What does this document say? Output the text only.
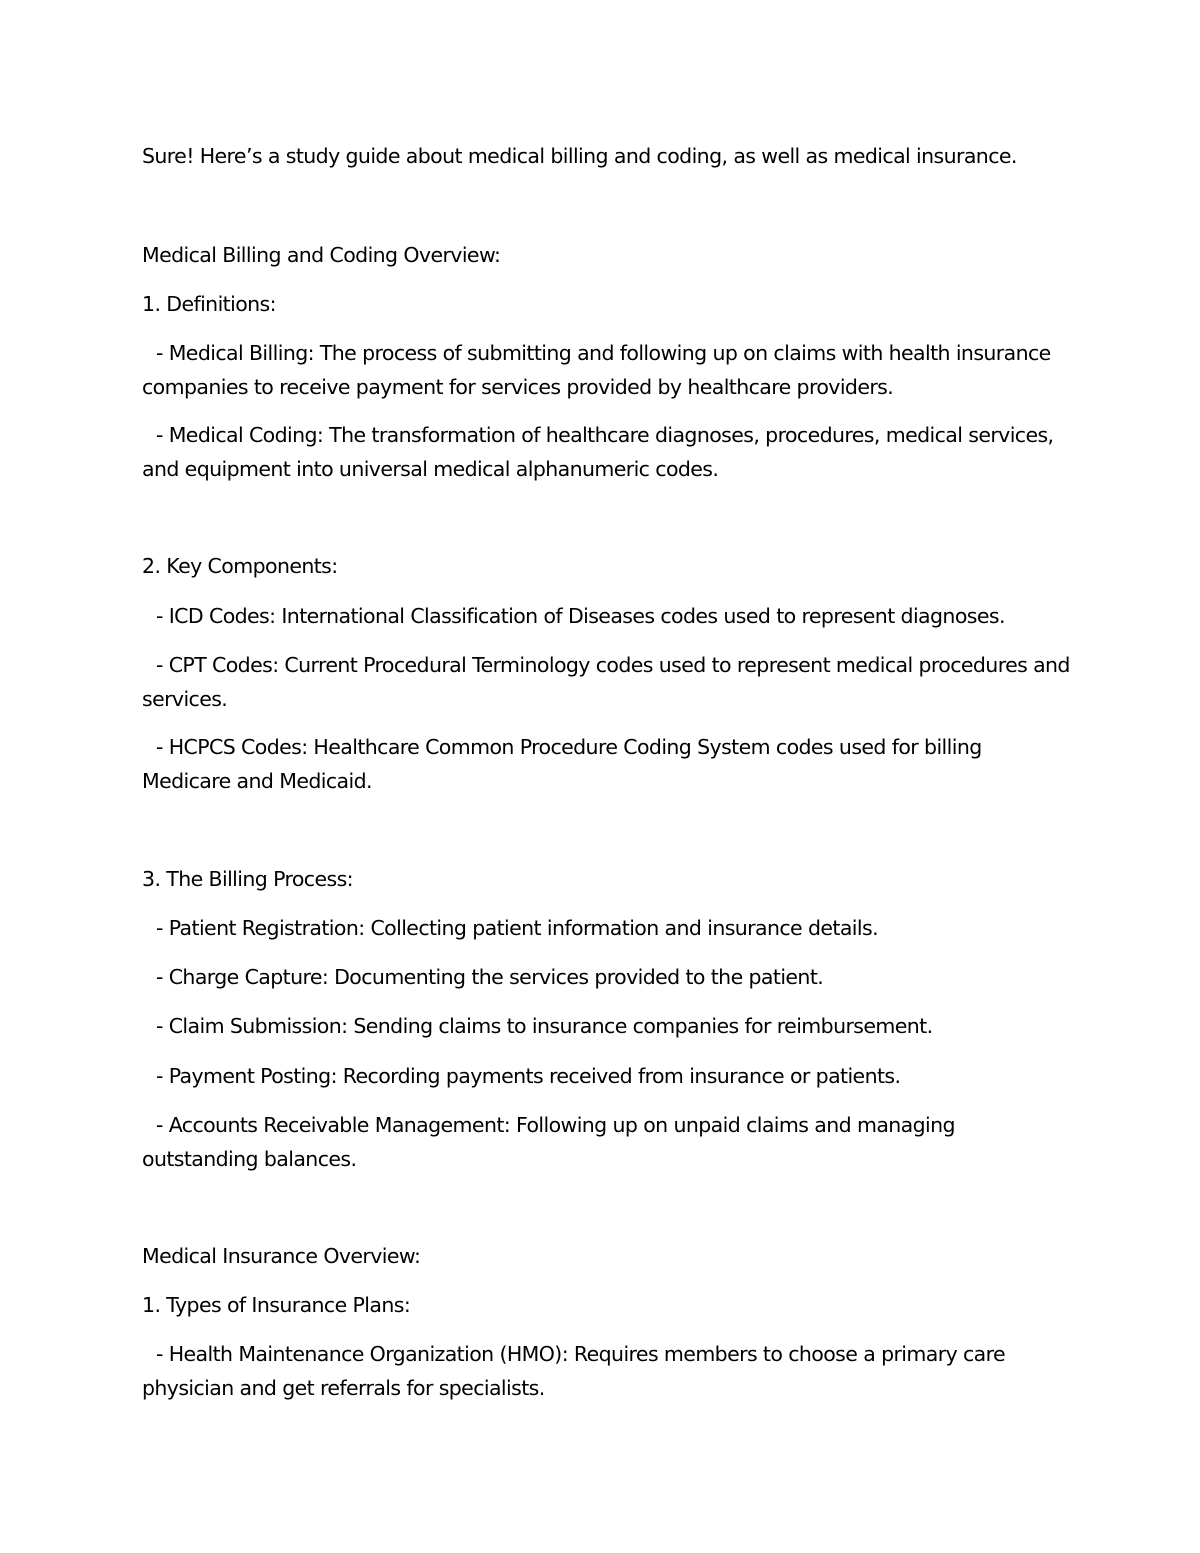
Sure! Here’s a study guide about medical billing and coding, as well as medical insurance.

Medical Billing and Coding Overview:

1. Definitions:

- Medical Billing: The process of submitting and following up on claims with health insurance companies to receive payment for services provided by healthcare providers.

- Medical Coding: The transformation of healthcare diagnoses, procedures, medical services, and equipment into universal medical alphanumeric codes.

2. Key Components:

- ICD Codes: International Classification of Diseases codes used to represent diagnoses.

- CPT Codes: Current Procedural Terminology codes used to represent medical procedures and services.

- HCPCS Codes: Healthcare Common Procedure Coding System codes used for billing Medicare and Medicaid.

3. The Billing Process:

- Patient Registration: Collecting patient information and insurance details.

- Charge Capture: Documenting the services provided to the patient.

- Claim Submission: Sending claims to insurance companies for reimbursement.

- Payment Posting: Recording payments received from insurance or patients.

- Accounts Receivable Management: Following up on unpaid claims and managing outstanding balances.

Medical Insurance Overview:

1. Types of Insurance Plans:

- Health Maintenance Organization (HMO): Requires members to choose a primary care physician and get referrals for specialists.
